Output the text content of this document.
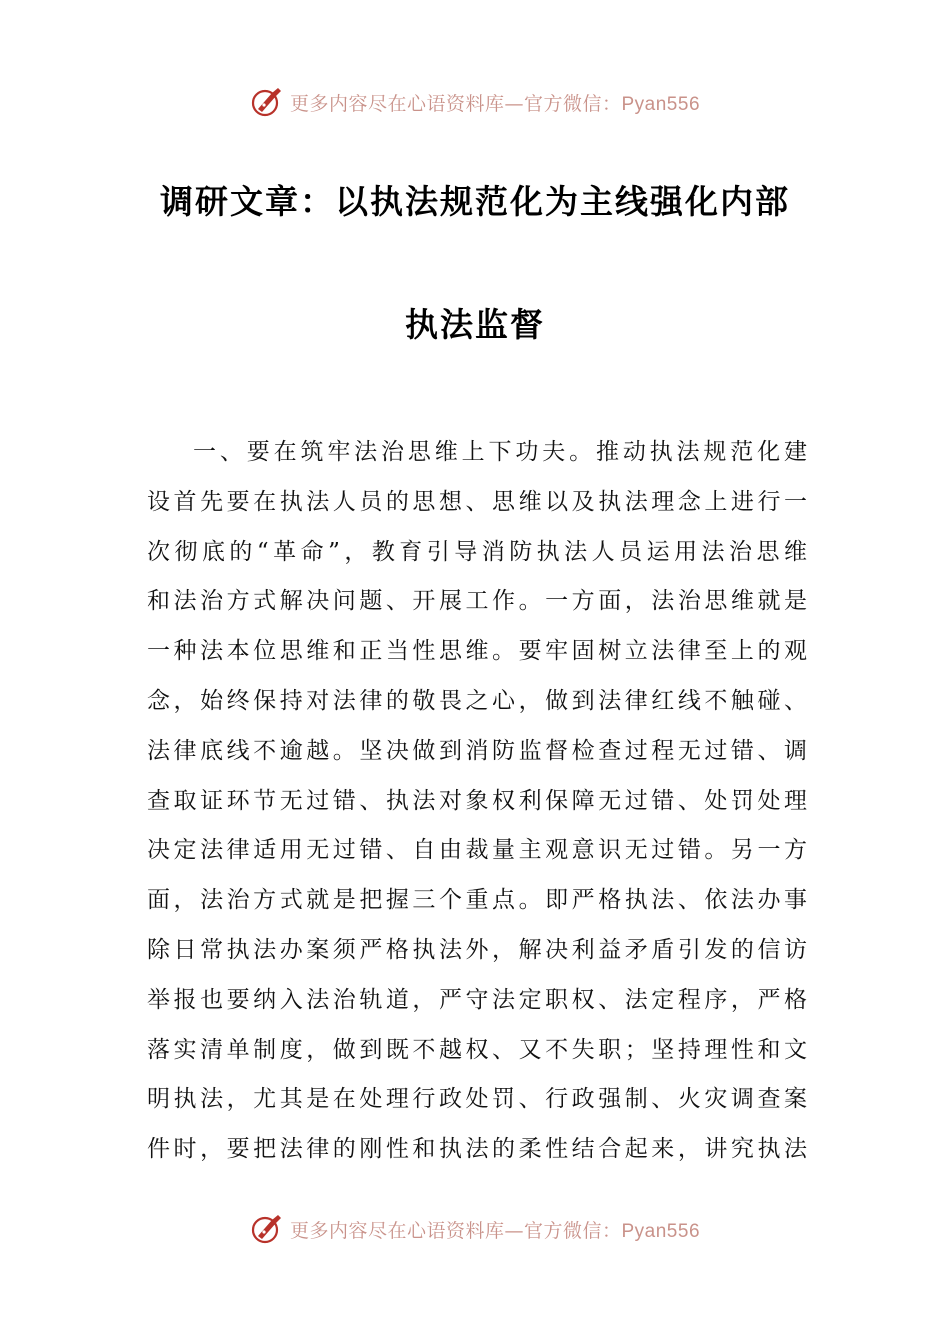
更多内容尽在心语资料库—官方微信：Pyan556
调研文章：以执法规范化为主线强化内部
执法监督
一、要在筑牢法治思维上下功夫。推动执法规范化建
设首先要在执法人员的思想、思维以及执法理念上进行一
次彻底的“革命”，教育引导消防执法人员运用法治思维
和法治方式解决问题、开展工作。一方面，法治思维就是
一种法本位思维和正当性思维。要牢固树立法律至上的观
念，始终保持对法律的敬畏之心，做到法律红线不触碰、
法律底线不逾越。坚决做到消防监督检查过程无过错、调
查取证环节无过错、执法对象权利保障无过错、处罚处理
决定法律适用无过错、自由裁量主观意识无过错。另一方
面，法治方式就是把握三个重点。即严格执法、依法办事
除日常执法办案须严格执法外，解决利益矛盾引发的信访
举报也要纳入法治轨道，严守法定职权、法定程序，严格
落实清单制度，做到既不越权、又不失职；坚持理性和文
明执法，尤其是在处理行政处罚、行政强制、火灾调查案
件时，要把法律的刚性和执法的柔性结合起来，讲究执法
更多内容尽在心语资料库—官方微信：Pyan556
